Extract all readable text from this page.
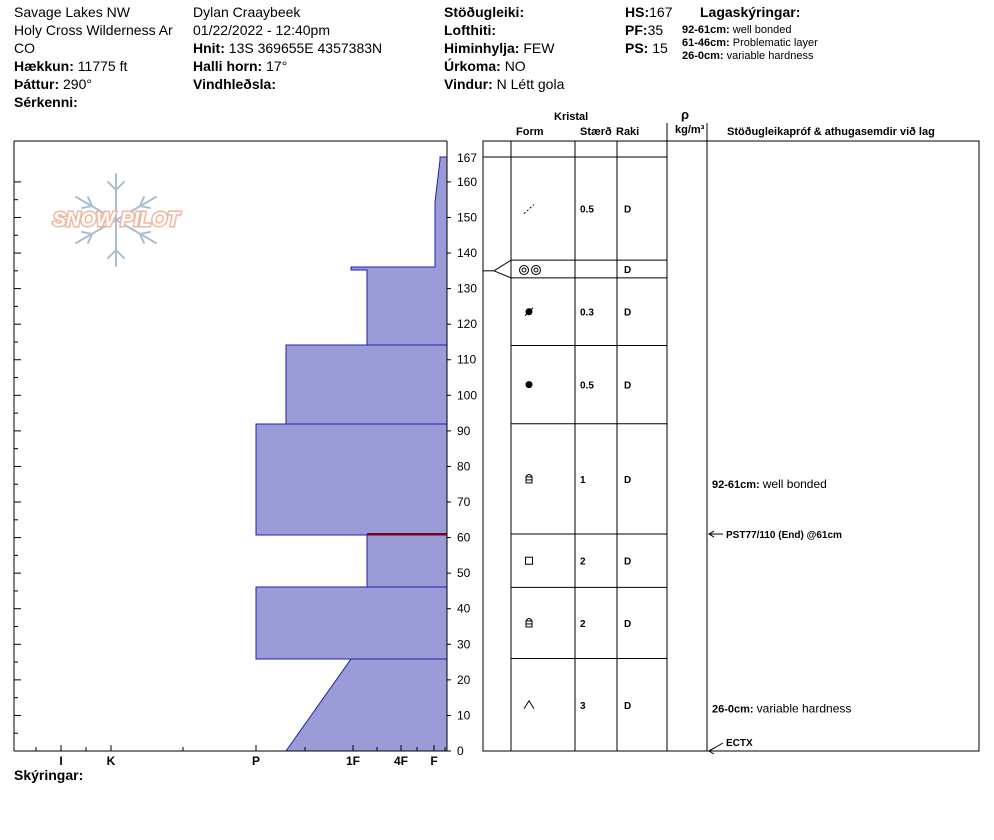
Savage Lakes NW
Holy Cross Wilderness Ar
CO
Hækkun: 11775 ft
Þáttur: 290°
Sérkenni:
Dylan Craaybeek
01/22/2022 - 12:40pm
Hnit: 13S 369655E 4357383N
Halli horn: 17°
Vindhleðsla:
Stöðugleiki:
Lofthiti:
Himinhylja: FEW
Úrkoma: NO
Vindur: N Létt gola
HS:167
PF:35
PS: 15
Lagaskýringar:
92-61cm: well bonded
61-46cm: Problematic layer
26-0cm: variable hardness
Kristal
Form	Stærð Raki
ρ
kg/m³ Stöðugleikapróf & athugasemdir við lag
Skýringar:
SNOW PILOT
I	K	P	1F	4F F
0
10
20
30
40
50
60
70
80
90
100
110
120
130
140
150
160
167
0.5	D
D
0.3	D
0.5	D
1	D
2	D
2	D
3	D
92-61cm: well bonded
26-0cm: variable hardness
PST77/110 (End) @61cm
ECTX
